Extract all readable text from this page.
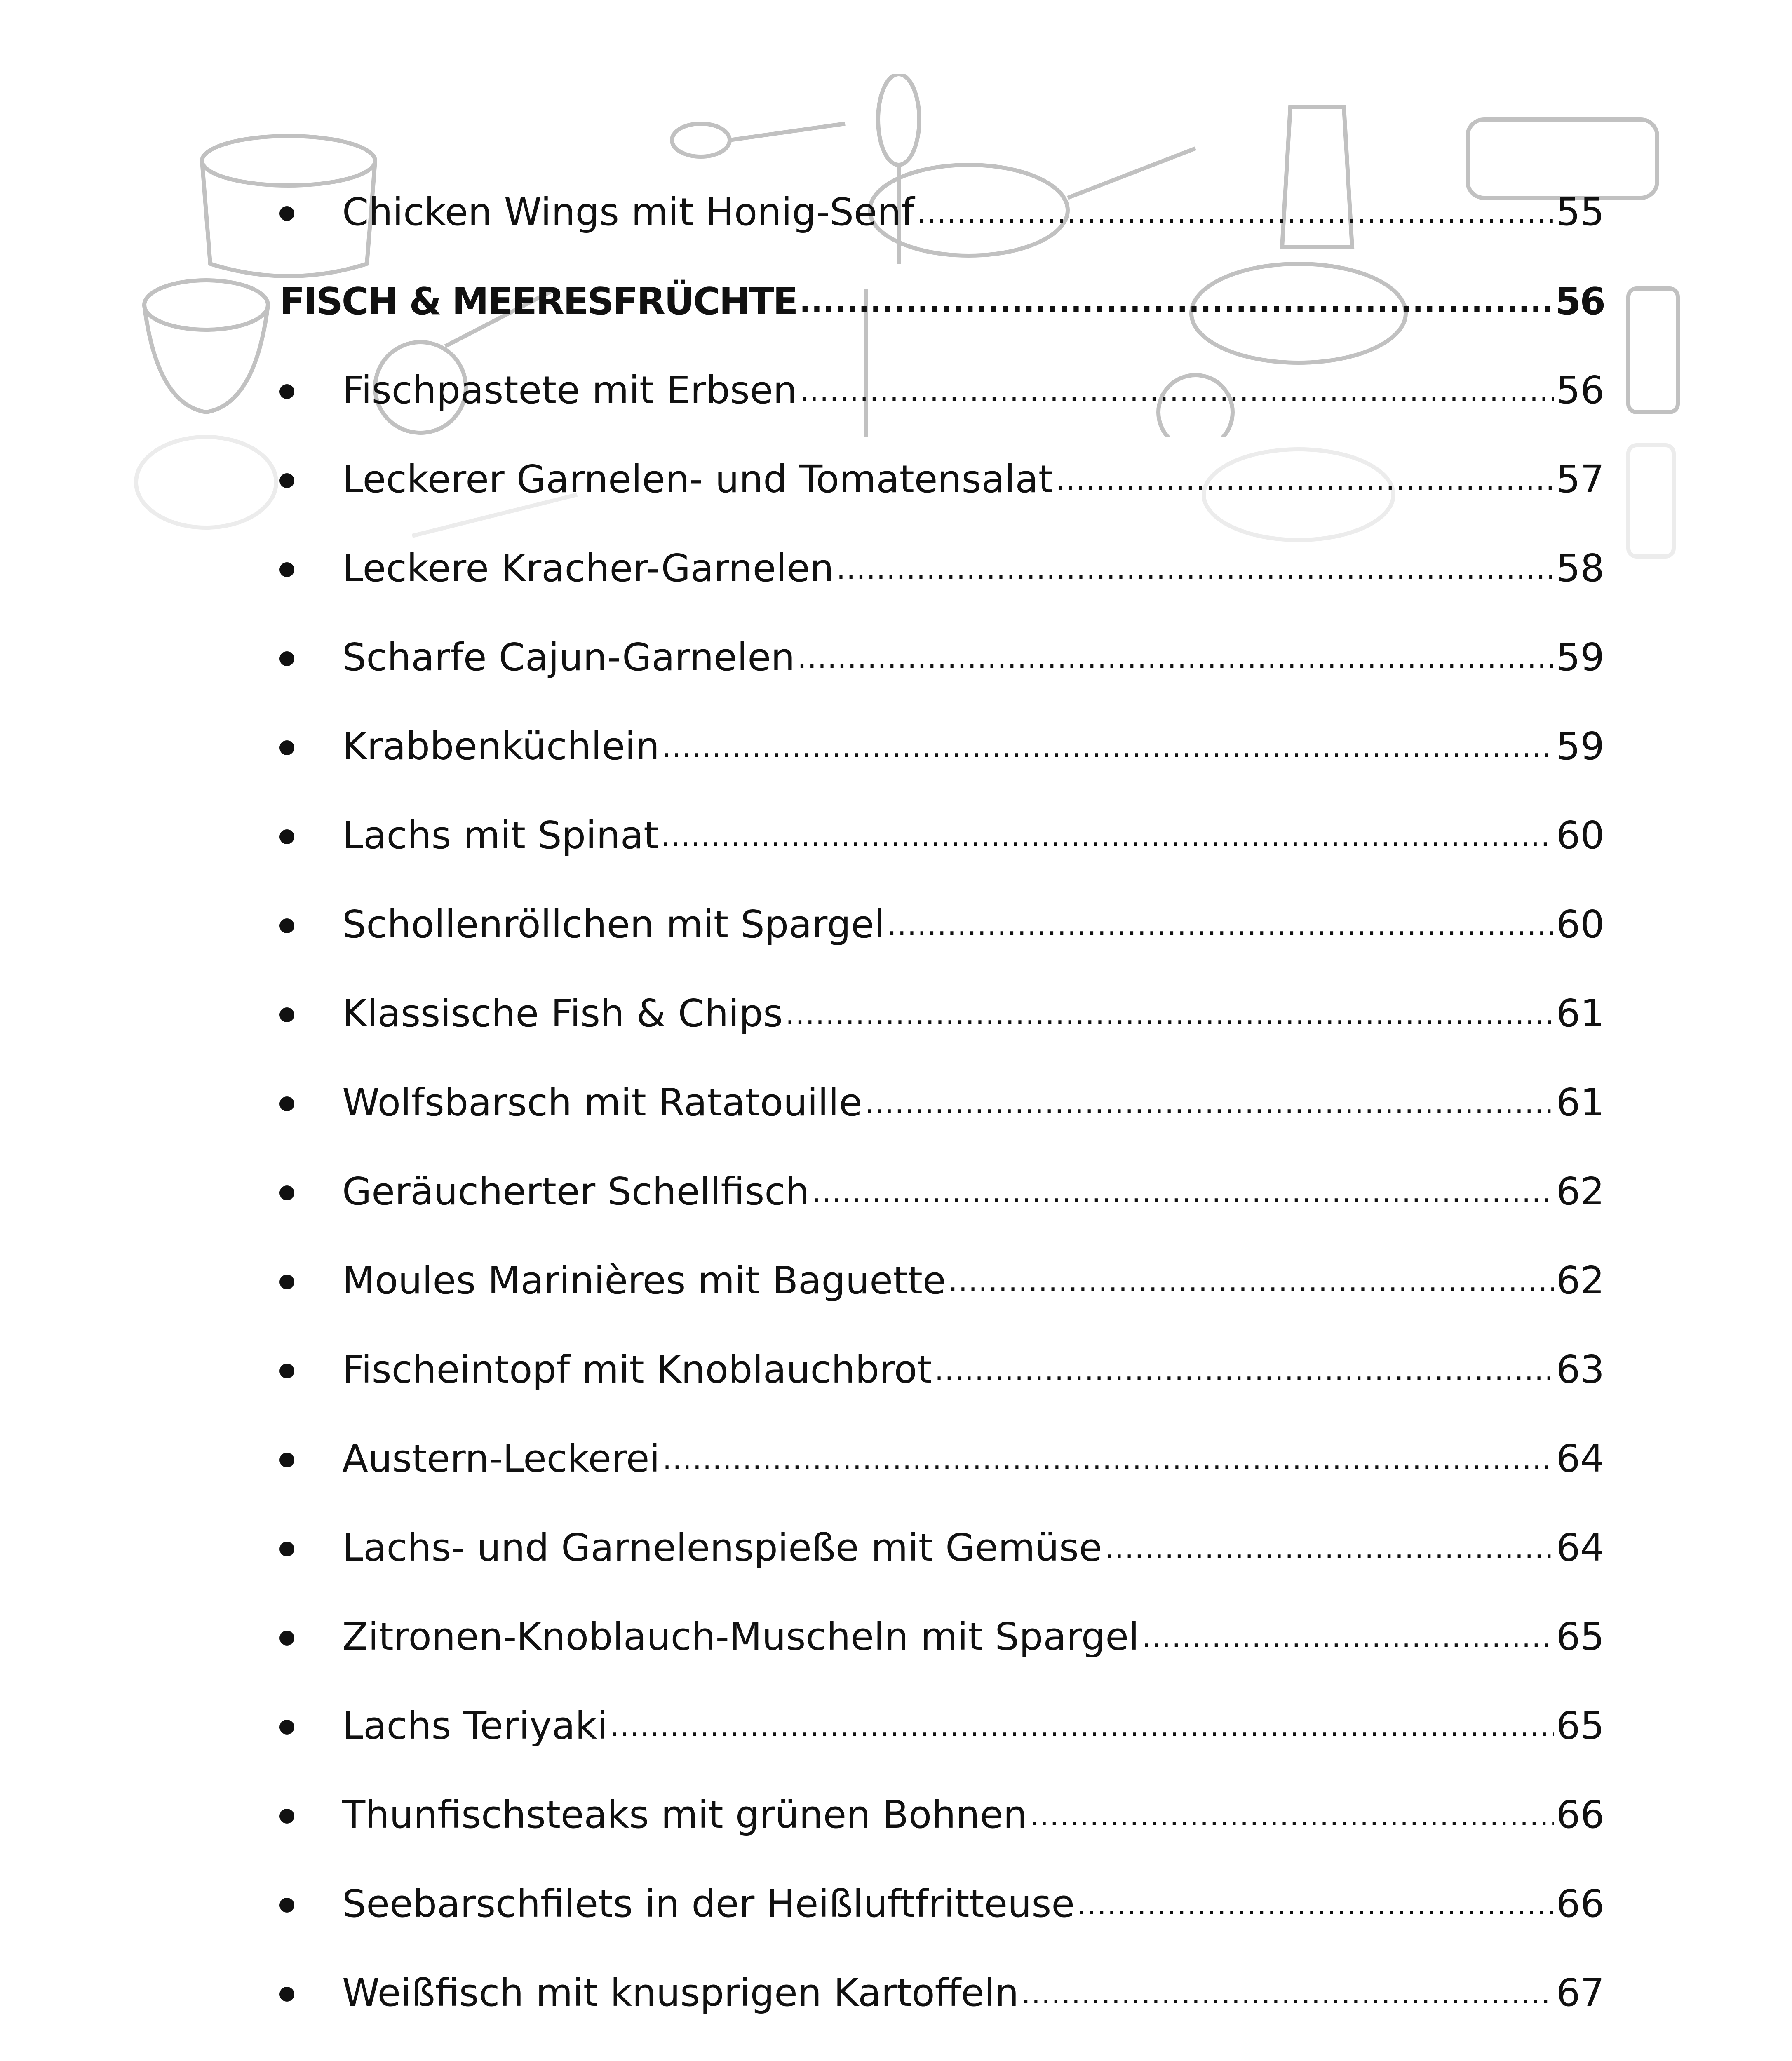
Chicken Wings mit Honig-Senf .....	55
FISCH & MEERESFRÜCHTE .....	56
Fischpastete mit Erbsen .....	56
Leckerer Garnelen- und Tomatensalat .....	57
Leckere Kracher-Garnelen .....	58
Scharfe Cajun-Garnelen .....	59
Krabbenküchlein .....	59
Lachs mit Spinat .....	60
Schollenröllchen mit Spargel .....	60
Klassische Fish & Chips .....	61
Wolfsbarsch mit Ratatouille .....	61
Geräucherter Schellfisch .....	62
Moules Marinières mit Baguette .....	62
Fischeintopf mit Knoblauchbrot .....	63
Austern-Leckerei .....	64
Lachs- und Garnelenspieße mit Gemüse .....	64
Zitronen-Knoblauch-Muscheln mit Spargel .....	65
Lachs Teriyaki .....	65
Thunfischsteaks mit grünen Bohnen .....	66
Seebarschfilets in der Heißluftfritteuse .....	66
Weißfisch mit knusprigen Kartoffeln .....	67
